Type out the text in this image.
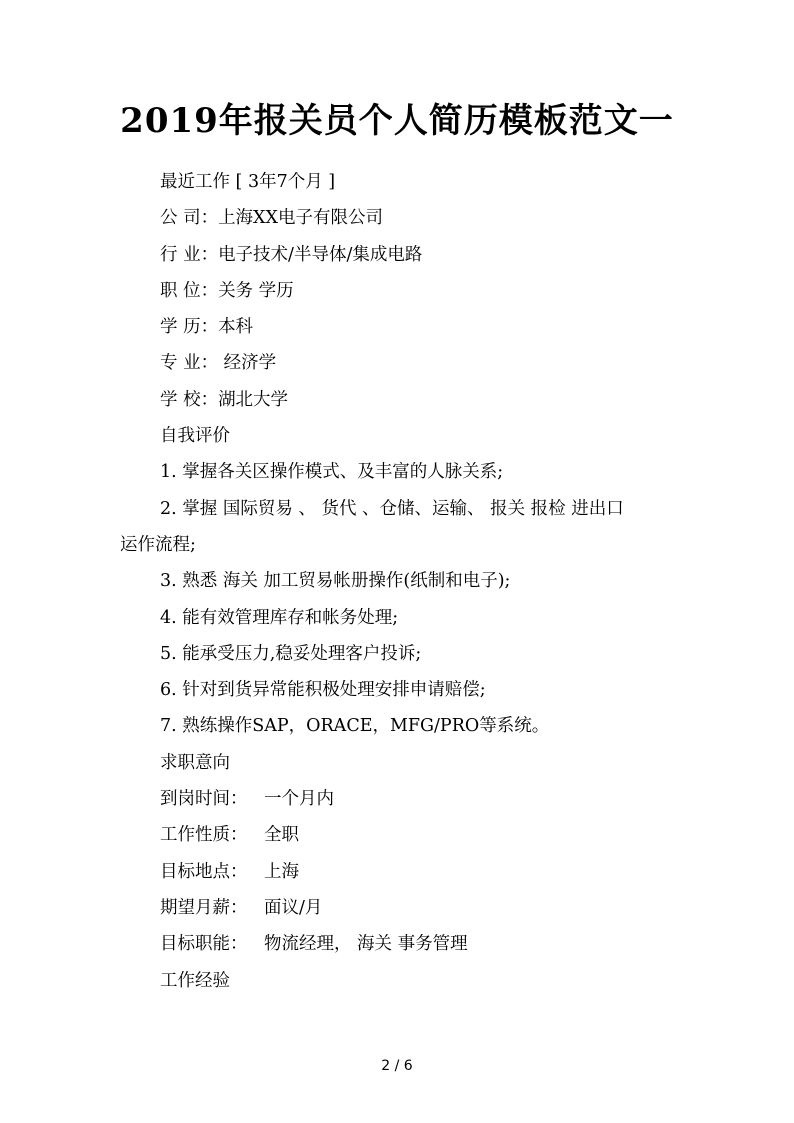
2019年报关员个人简历模板范文一
最近工作 [ 3年7个月 ]
公 司：上海XX电子有限公司
行 业：电子技术/半导体/集成电路
职 位：关务 学历
学 历：本科
专 业： 经济学
学 校：湖北大学
自我评价
1. 掌握各关区操作模式、及丰富的人脉关系;
2. 掌握 国际贸易 、 货代 、仓储、运输、 报关 报检 进出口
运作流程;
3. 熟悉 海关 加工贸易帐册操作(纸制和电子);
4. 能有效管理库存和帐务处理;
5. 能承受压力,稳妥处理客户投诉;
6. 针对到货异常能积极处理安排申请赔偿;
7. 熟练操作SAP，ORACE，MFG/PRO等系统。
求职意向
到岗时间： 一个月内
工作性质： 全职
目标地点： 上海
期望月薪： 面议/月
目标职能： 物流经理， 海关 事务管理
工作经验
2 / 6
